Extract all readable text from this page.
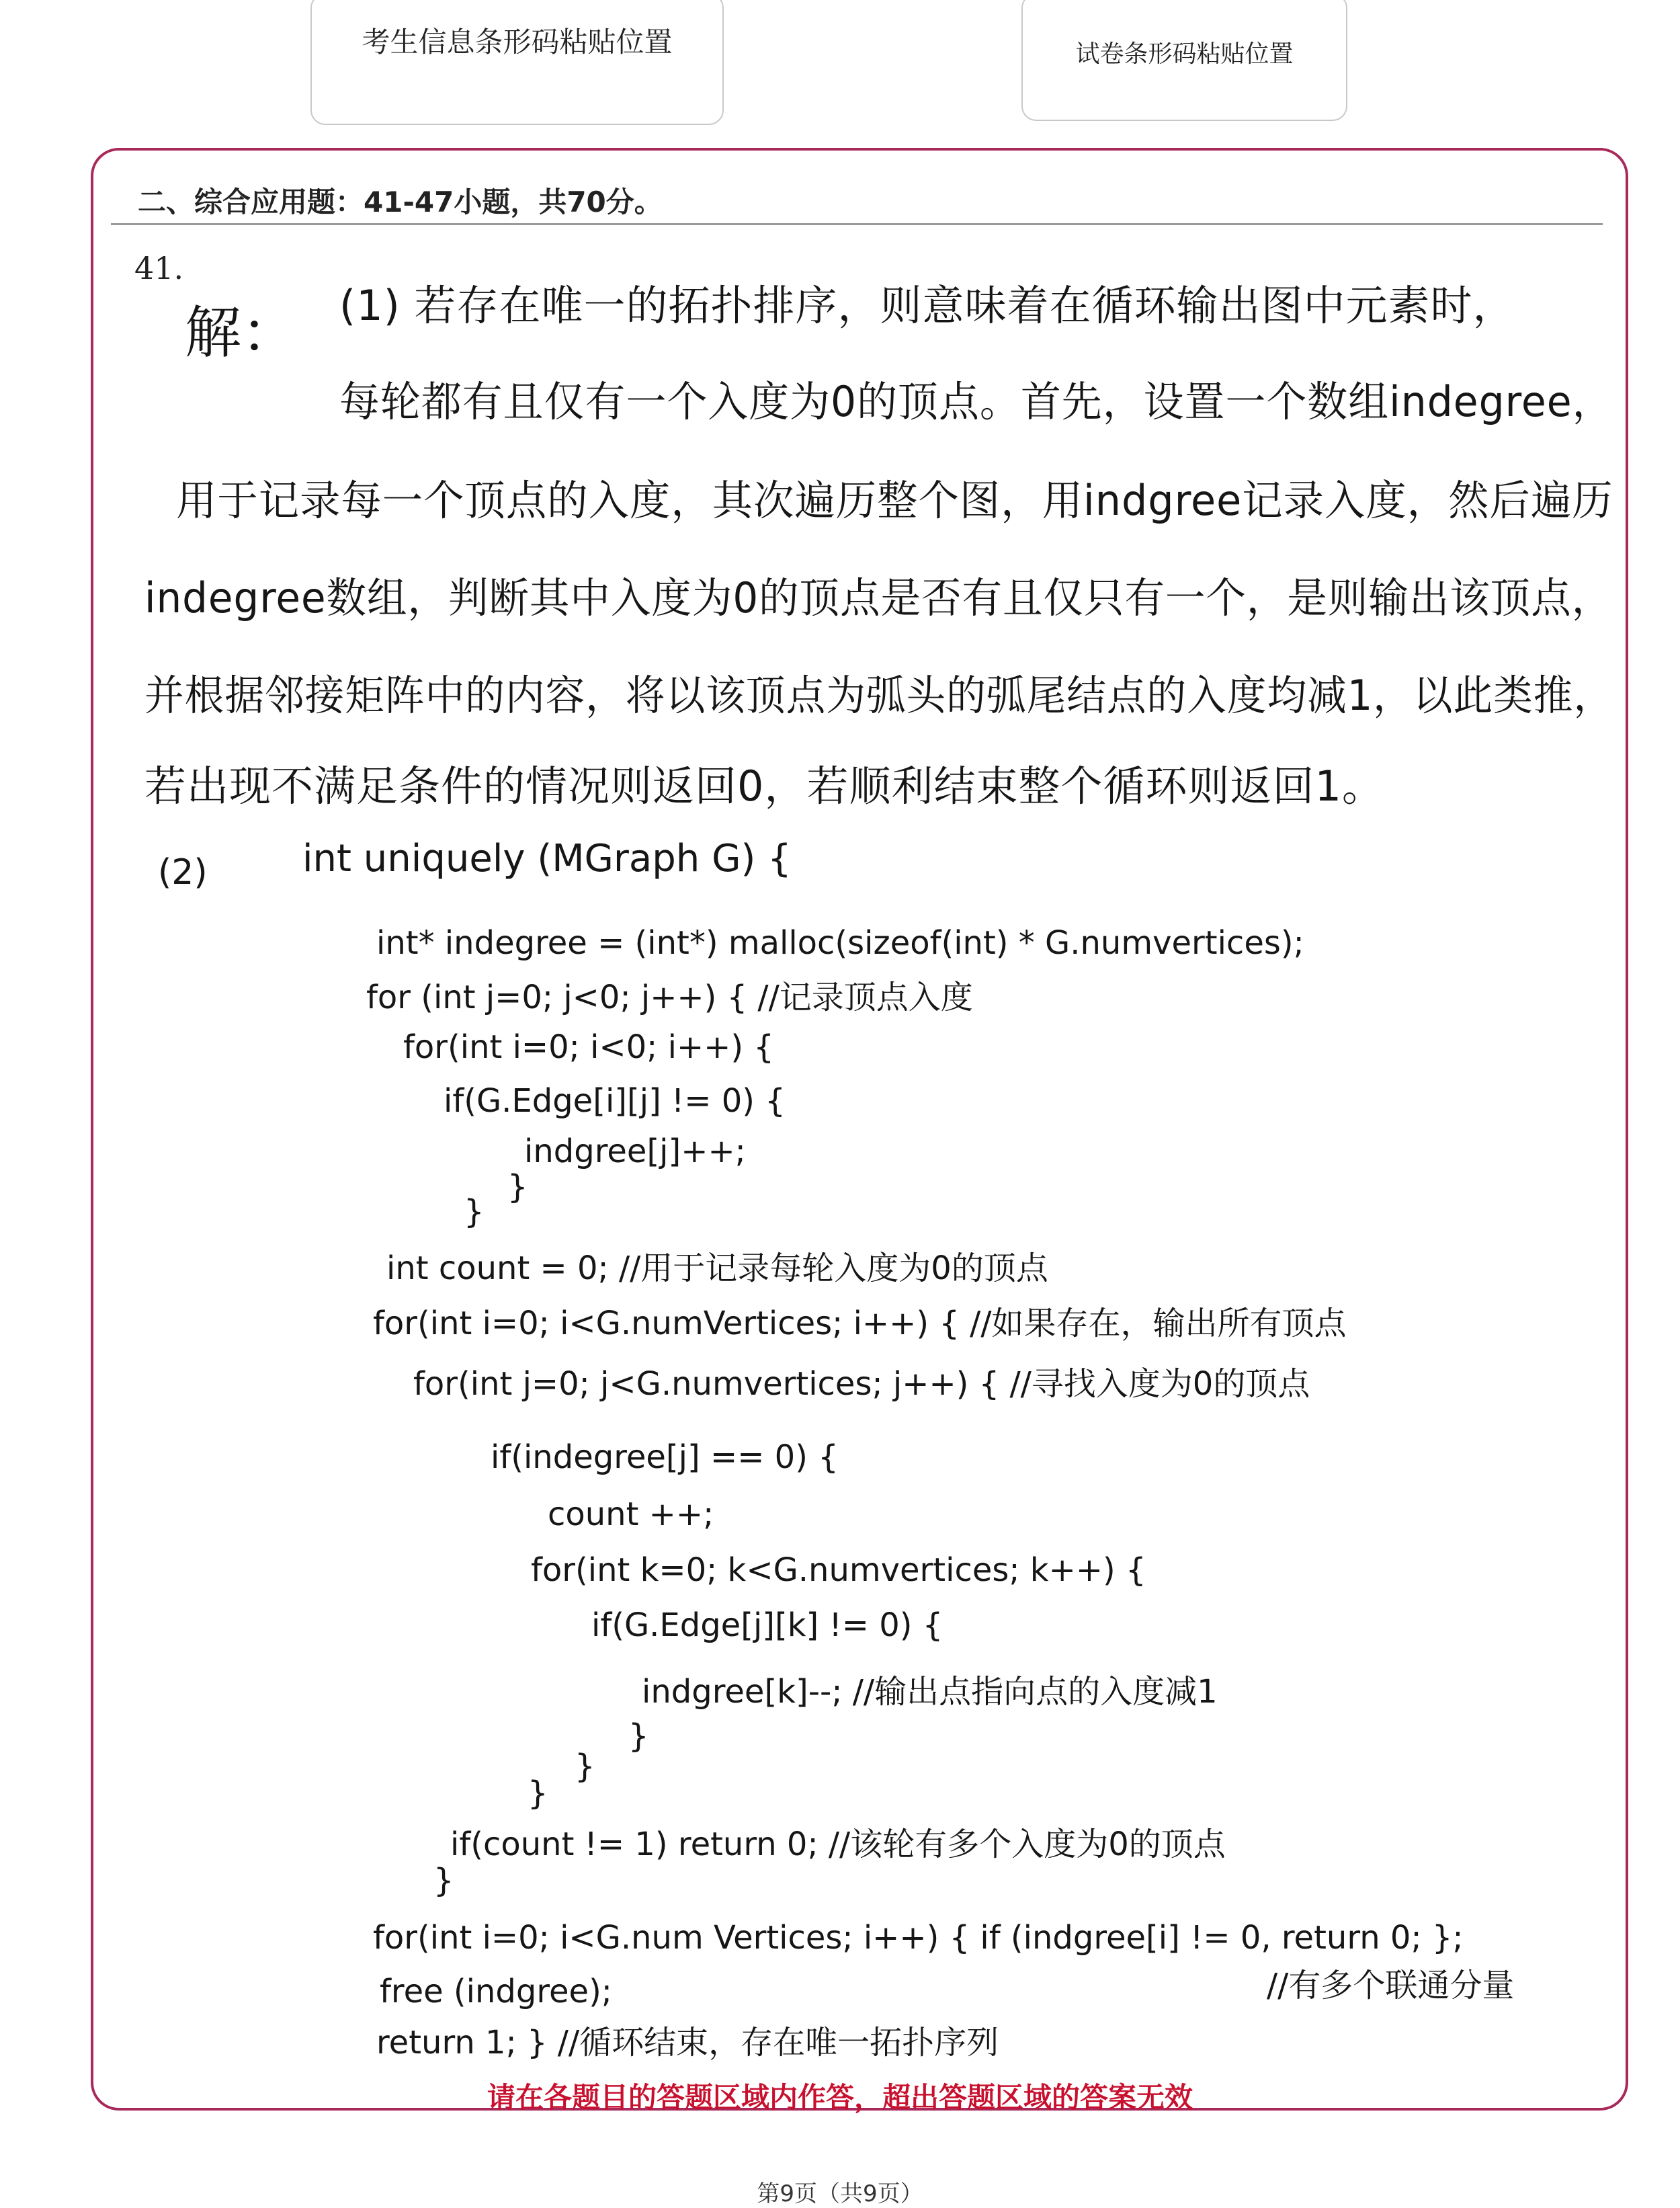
考生信息条形码粘贴位置	试卷条形码粘贴位置
二、综合应用题：41-47小题，共70分。
41.
解： (1) 若存在唯一的拓扑排序，则意味着在循环输出图中元素时，
每轮都有且仅有一个入度为0的顶点。首先，设置一个数组indegree，
用于记录每一个顶点的入度，其次遍历整个图，用indgree记录入度，然后遍历
indegree数组，判断其中入度为0的顶点是否有且仅只有一个，是则输出该顶点，
并根据邻接矩阵中的内容，将以该顶点为弧头的弧尾结点的入度均减1，以此类推，
若出现不满足条件的情况则返回0，若顺利结束整个循环则返回1。
(2)	int uniquely (MGraph G) {
int* indegree = (int*) malloc(sizeof(int) * G.numvertices);
for (int j=0; j<0; j++) { //记录顶点入度
for(int i=0; i<0; i++) {
if(G.Edge[i][j] != 0) {
indgree[j]++;
}
}
int count = 0; //用于记录每轮入度为0的顶点
for(int i=0; i<G.numVertices; i++) { //如果存在，输出所有顶点
for(int j=0; j<G.numvertices; j++) { //寻找入度为0的顶点
if(indegree[j] == 0) {
count ++;
for(int k=0; k<G.numvertices; k++) {
if(G.Edge[j][k] != 0) {
indgree[k]--; //输出点指向点的入度减1
}
}
}
if(count != 1) return 0; //该轮有多个入度为0的顶点
}
for(int i=0; i<G.num Vertices; i++) { if (indgree[i] != 0, return 0; };
//有多个联通分量
free (indgree);
return 1; } //循环结束，存在唯一拓扑序列
请在各题目的答题区域内作答，超出答题区域的答案无效
第9页（共9页）
